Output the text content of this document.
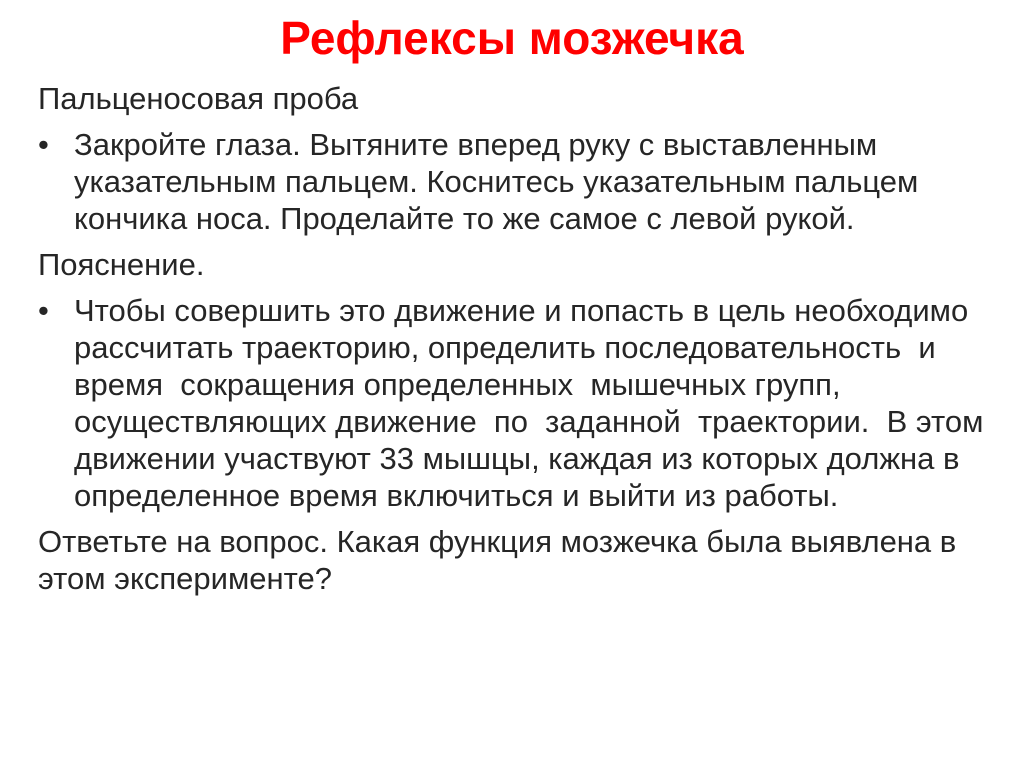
Рефлексы мозжечка

Пальценосовая проба

• Закройте глаза. Вытяните вперед руку с выставленным указательным пальцем. Коснитесь указательным пальцем кончика носа. Проделайте то же самое с левой рукой.

Пояснение.

• Чтобы совершить это движение и попасть в цель необходимо рассчитать траекторию, определить последовательность  и  время  сокращения определенных  мышечных групп, осуществляющих движение  по  заданной  траектории.  В этом движении участвуют 33 мышцы, каждая из которых должна в определенное время включиться и выйти из работы.

Ответьте на вопрос. Какая функция мозжечка была выявлена в этом эксперименте?
